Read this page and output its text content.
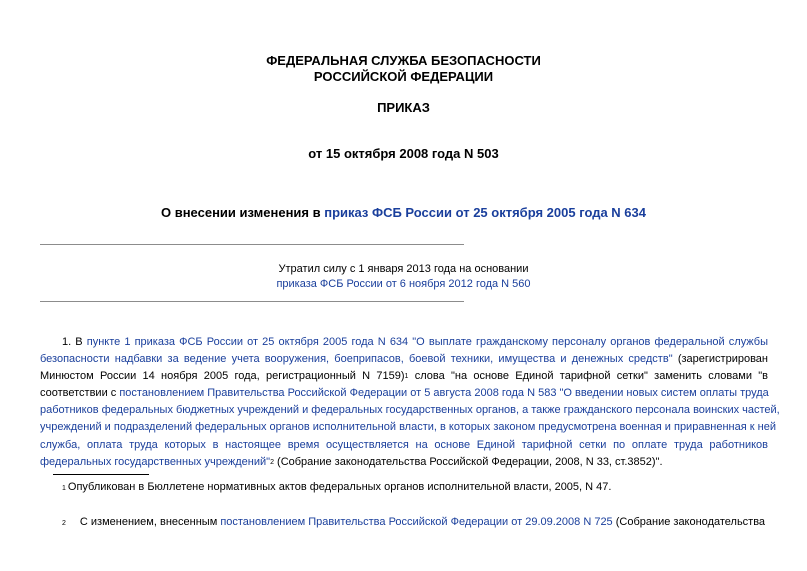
ФЕДЕРАЛЬНАЯ СЛУЖБА БЕЗОПАСНОСТИ
РОССИЙСКОЙ ФЕДЕРАЦИИ
ПРИКАЗ
от 15 октября 2008 года N 503
О внесении изменения в приказ ФСБ России от 25 октября 2005 года N 634
Утратил силу с 1 января 2013 года на основании
приказа ФСБ России от 6 ноября 2012 года N 560
1. В пункте 1 приказа ФСБ России от 25 октября 2005 года N 634 "О выплате гражданскому персоналу органов федеральной службы
безопасности надбавки за ведение учета вооружения, боеприпасов, боевой техники, имущества и денежных средств" (зарегистрирован
Минюстом России 14 ноября 2005 года, регистрационный N 7159)1 слова "на основе Единой тарифной сетки" заменить словами "в
соответствии с постановлением Правительства Российской Федерации от 5 августа 2008 года N 583 "О введении новых систем оплаты труда
работников федеральных бюджетных учреждений и федеральных государственных органов, а также гражданского персонала воинских частей,
учреждений и подразделений федеральных органов исполнительной власти, в которых законом предусмотрена военная и приравненная к ней
служба, оплата труда которых в настоящее время осуществляется на основе Единой тарифной сетки по оплате труда работников
федеральных государственных учреждений"2 (Собрание законодательства Российской Федерации, 2008, N 33, ст.3852)".
1 Опубликован в Бюллетене нормативных актов федеральных органов исполнительной власти, 2005, N 47.
2 С изменением, внесенным постановлением Правительства Российской Федерации от 29.09.2008 N 725 (Собрание законодательства
